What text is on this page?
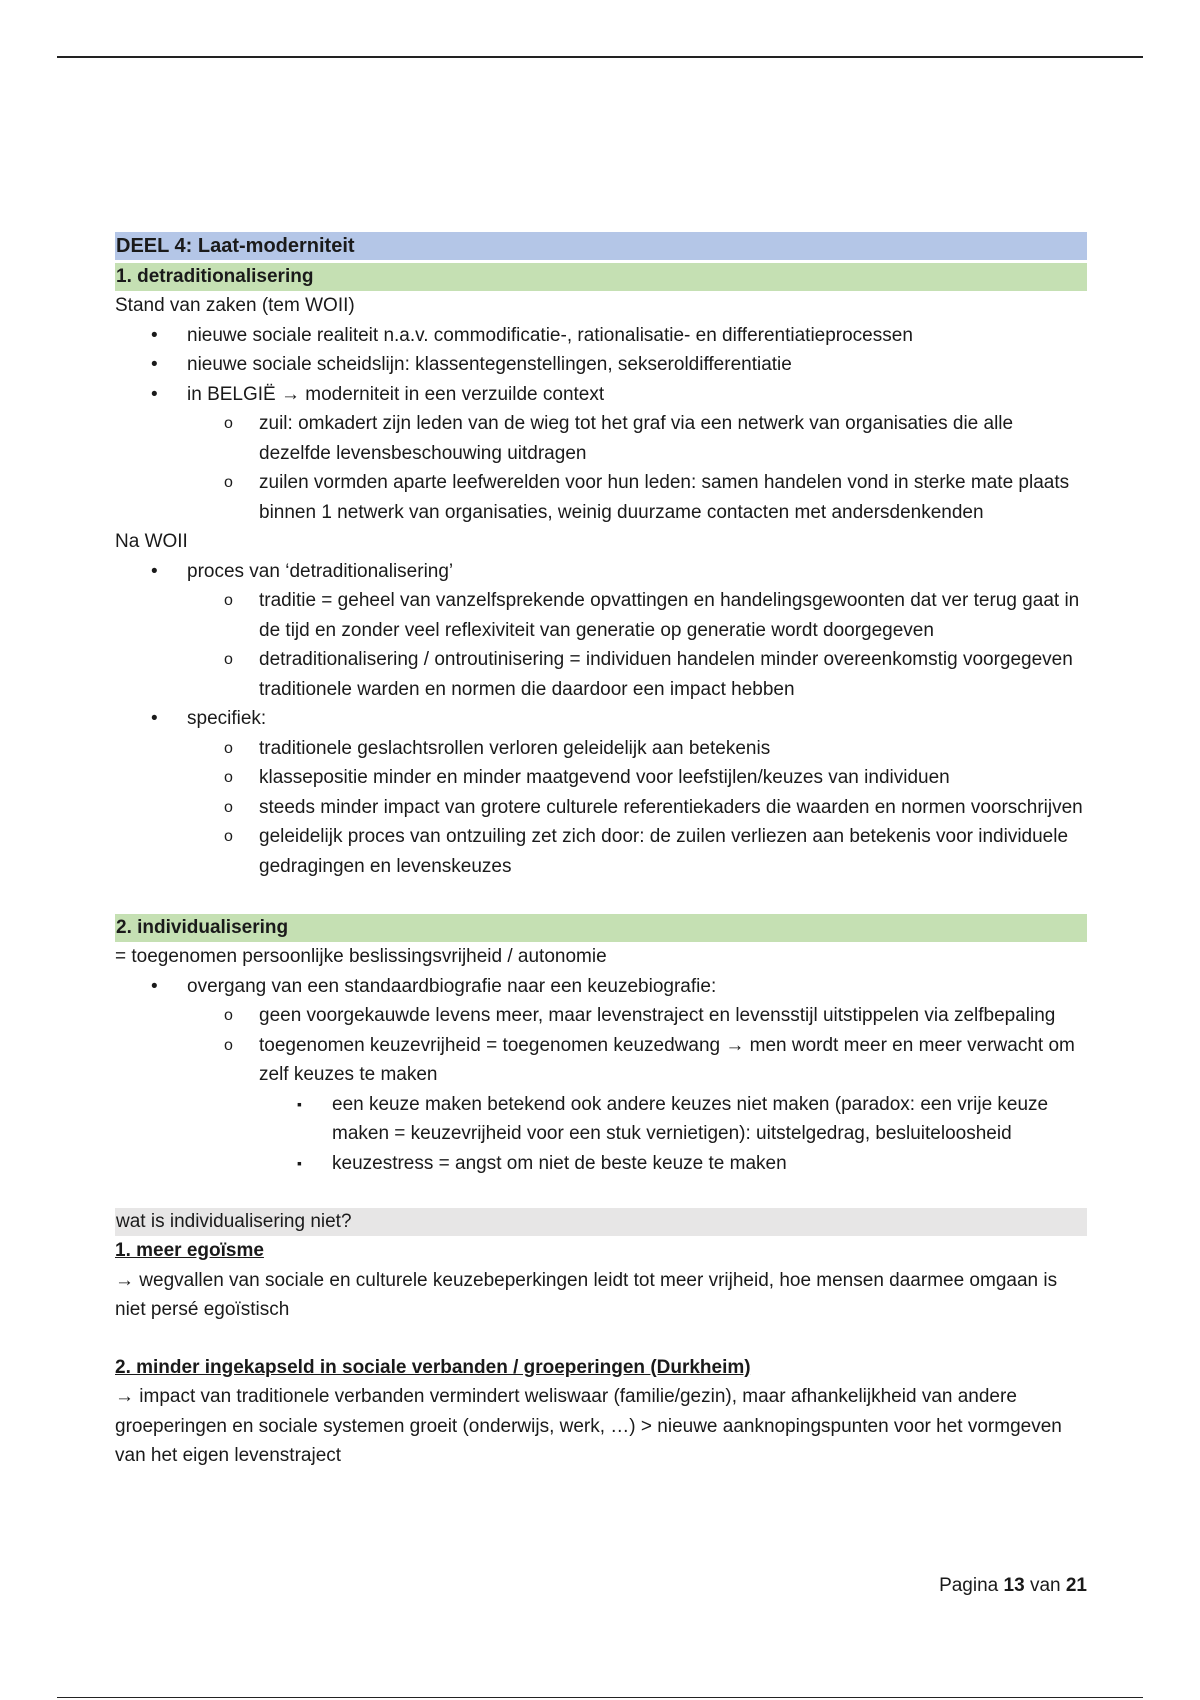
DEEL 4: Laat-moderniteit
1. detraditionalisering

Stand van zaken (tem WOII)

• nieuwe sociale realiteit n.a.v. commodificatie-, rationalisatie- en differentiatieprocessen
• nieuwe sociale scheidslijn: klassentegenstellingen, sekseroldifferentiatie
• in BELGIË → moderniteit in een verzuilde context
o zuil: omkadert zijn leden van de wieg tot het graf via een netwerk van organisaties die alle dezelfde levensbeschouwing uitdragen
o zuilen vormden aparte leefwerelden voor hun leden: samen handelen vond in sterke mate plaats binnen 1 netwerk van organisaties, weinig duurzame contacten met andersdenkenden

Na WOII

• proces van ‘detraditionalisering’
o traditie = geheel van vanzelfsprekende opvattingen en handelingsgewoonten dat ver terug gaat in de tijd en zonder veel reflexiviteit van generatie op generatie wordt doorgegeven
o detraditionalisering / ontroutinisering = individuen handelen minder overeenkomstig voorgegeven traditionele warden en normen die daardoor een impact hebben
• specifiek:
o traditionele geslachtsrollen verloren geleidelijk aan betekenis
o klassepositie minder en minder maatgevend voor leefstijlen/keuzes van individuen
o steeds minder impact van grotere culturele referentiekaders die waarden en normen voorschrijven
o geleidelijk proces van ontzuiling zet zich door: de zuilen verliezen aan betekenis voor individuele gedragingen en levenskeuzes
2. individualisering

= toegenomen persoonlijke beslissingsvrijheid / autonomie

• overgang van een standaardbiografie naar een keuzebiografie:
o geen voorgekauwde levens meer, maar levenstraject en levensstijl uitstippelen via zelfbepaling
o toegenomen keuzevrijheid = toegenomen keuzedwang → men wordt meer en meer verwacht om zelf keuzes te maken
▪ een keuze maken betekend ook andere keuzes niet maken (paradox: een vrije keuze maken = keuzevrijheid voor een stuk vernietigen): uitstelgedrag, besluiteloosheid
▪ keuzestress = angst om niet de beste keuze te maken
wat is individualisering niet?

1. meer egoïsme

→ wegvallen van sociale en culturele keuzebeperkingen leidt tot meer vrijheid, hoe mensen daarmee omgaan is niet persé egoïstisch

2. minder ingekapseld in sociale verbanden / groeperingen (Durkheim)

→ impact van traditionele verbanden vermindert weliswaar (familie/gezin), maar afhankelijkheid van andere groeperingen en sociale systemen groeit (onderwijs, werk, …) > nieuwe aanknopingspunten voor het vormgeven van het eigen levenstraject

Pagina 13 van 21
